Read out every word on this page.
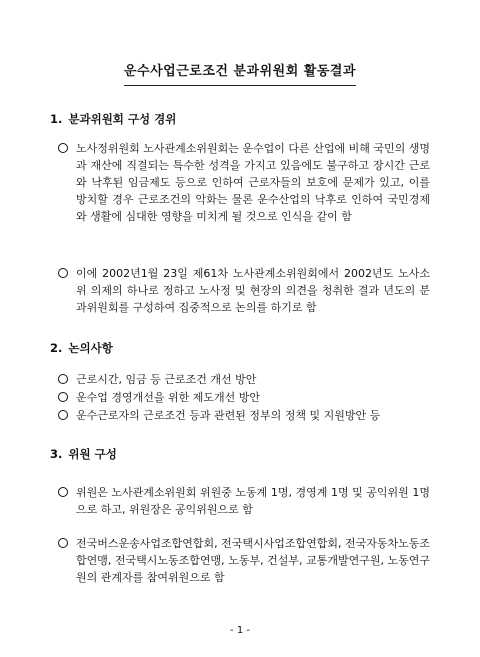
운수사업근로조건 분과위원회 활동결과
1. 분과위원회 구성 경위
노사정위원회 노사관계소위원회는 운수업이 다른 산업에 비해 국민의 생명과 재산에 직결되는 특수한 성격을 가지고 있음에도 불구하고 장시간 근로와 낙후된 임금제도 등으로 인하여 근로자들의 보호에 문제가 있고, 이를 방치할 경우 근로조건의 악화는 물론 운수산업의 낙후로 인하여 국민경제와 생활에 심대한 영향을 미치게 될 것으로 인식을 같이 함
이에 2002년1월 23일 제61차 노사관계소위원회에서 2002년도 노사소위 의제의 하나로 정하고 노사정 및 현장의 의견을 청취한 결과 년도의 분과위원회를 구성하여 집중적으로 논의를 하기로 함
2. 논의사항
근로시간, 임금 등 근로조건 개선 방안
운수업 경영개선을 위한 제도개선 방안
운수근로자의 근로조건 등과 관련된 정부의 정책 및 지원방안 등
3. 위원 구성
위원은 노사관계소위원회 위원중 노동계 1명, 경영계 1명 및 공익위원 1명으로 하고, 위원장은 공익위원으로 함
전국버스운송사업조합연합회, 전국택시사업조합연합회, 전국자동차노동조합연맹, 전국택시노동조합연맹, 노동부, 건설부, 교통개발연구원, 노동연구원의 관계자를 참여위원으로 함
- 1 -
